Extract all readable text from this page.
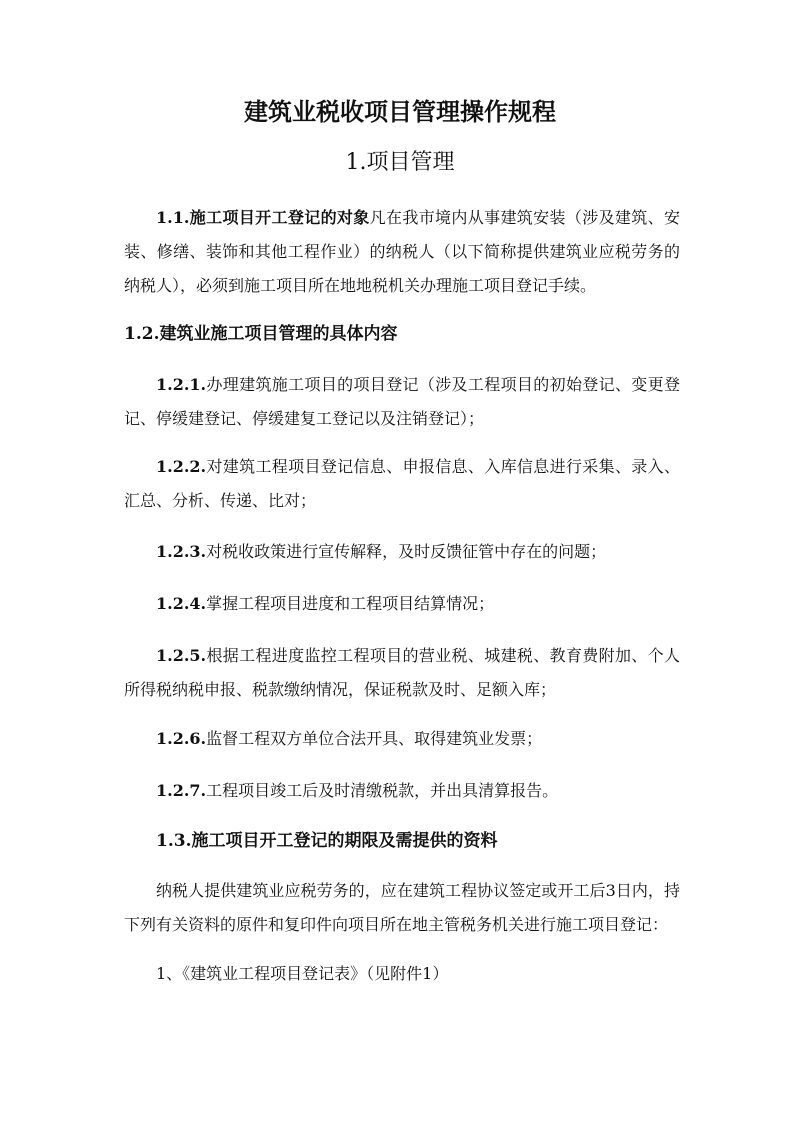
建筑业税收项目管理操作规程
1.项目管理

1.1.施工项目开工登记的对象凡在我市境内从事建筑安装（涉及建筑、安装、修缮、装饰和其他工程作业）的纳税人（以下简称提供建筑业应税劳务的纳税人），必须到施工项目所在地地税机关办理施工项目登记手续。

1.2.建筑业施工项目管理的具体内容

1.2.1.办理建筑施工项目的项目登记（涉及工程项目的初始登记、变更登记、停缓建登记、停缓建复工登记以及注销登记）；

1.2.2.对建筑工程项目登记信息、申报信息、入库信息进行采集、录入、汇总、分析、传递、比对；

1.2.3.对税收政策进行宣传解释，及时反馈征管中存在的问题；

1.2.4.掌握工程项目进度和工程项目结算情况；

1.2.5.根据工程进度监控工程项目的营业税、城建税、教育费附加、个人所得税纳税申报、税款缴纳情况，保证税款及时、足额入库；

1.2.6.监督工程双方单位合法开具、取得建筑业发票；

1.2.7.工程项目竣工后及时清缴税款，并出具清算报告。

1.3.施工项目开工登记的期限及需提供的资料

纳税人提供建筑业应税劳务的，应在建筑工程协议签定或开工后3日内，持下列有关资料的原件和复印件向项目所在地主管税务机关进行施工项目登记：

1、《建筑业工程项目登记表》（见附件1）
